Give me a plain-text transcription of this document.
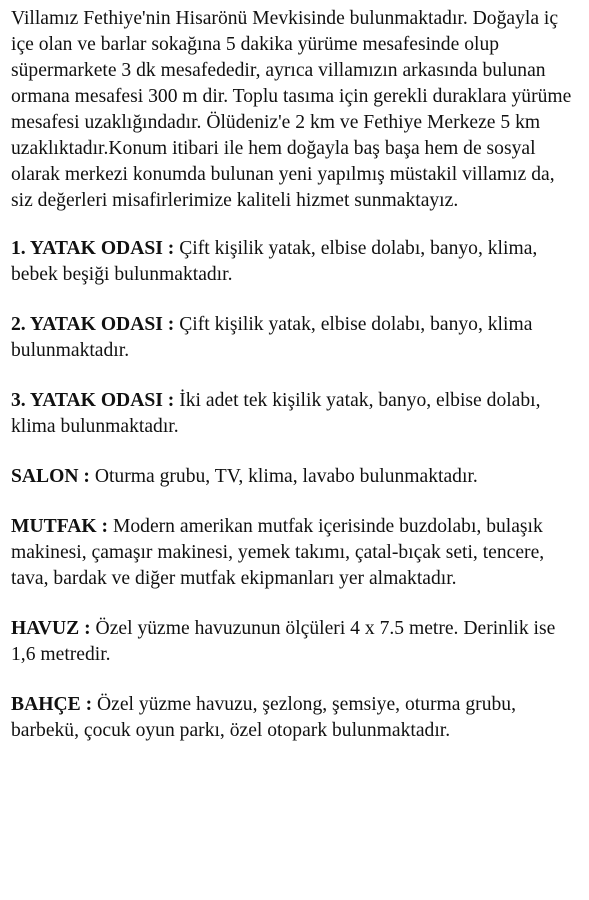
Villamız Fethiye'nin Hisarönü Mevkisinde bulunmaktadır. Doğayla iç içe olan ve barlar sokağına 5 dakika yürüme mesafesinde olup süpermarkete 3 dk mesafededir, ayrıca villamızın arkasında bulunan ormana mesafesi 300 m dir. Toplu tasıma için gerekli duraklara yürüme mesafesi uzaklığındadır. Ölüdeniz'e 2 km ve Fethiye Merkeze 5 km uzaklıktadır.Konum itibari ile hem doğayla baş başa hem de sosyal olarak merkezi konumda bulunan yeni yapılmış müstakil villamız da, siz değerleri misafirlerimize kaliteli hizmet sunmaktayız.

1. YATAK ODASI : Çift kişilik yatak, elbise dolabı, banyo, klima, bebek beşiği bulunmaktadır.

2. YATAK ODASI : Çift kişilik yatak, elbise dolabı, banyo, klima bulunmaktadır.

3. YATAK ODASI : İki adet tek kişilik yatak, banyo, elbise dolabı, klima bulunmaktadır.

SALON : Oturma grubu, TV, klima, lavabo bulunmaktadır.

MUTFAK : Modern amerikan mutfak içerisinde buzdolabı, bulaşık makinesi, çamaşır makinesi, yemek takımı, çatal-bıçak seti, tencere, tava, bardak ve diğer mutfak ekipmanları yer almaktadır.

HAVUZ : Özel yüzme havuzunun ölçüleri 4 x 7.5 metre. Derinlik ise 1,6 metredir.

BAHÇE : Özel yüzme havuzu, şezlong, şemsiye, oturma grubu, barbekü, çocuk oyun parkı, özel otopark bulunmaktadır.
